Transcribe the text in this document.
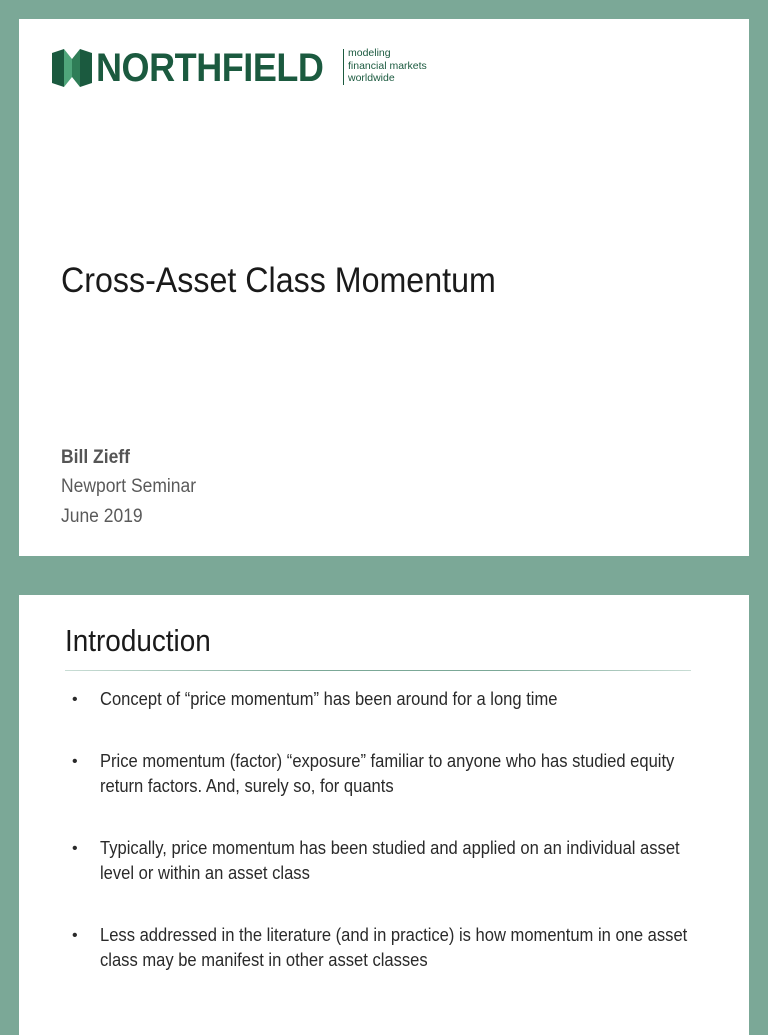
NORTHFIELD modeling
financial markets
worldwide
Cross-Asset Class Momentum
Bill Zieff
Newport Seminar
June 2019
Introduction
• Concept of “price momentum” has been around for a long time
• Price momentum (factor) “exposure” familiar to anyone who has studied equity return factors. And, surely so, for quants
• Typically, price momentum has been studied and applied on an individual asset level or within an asset class
• Less addressed in the literature (and in practice) is how momentum in one asset class may be manifest in other asset classes
